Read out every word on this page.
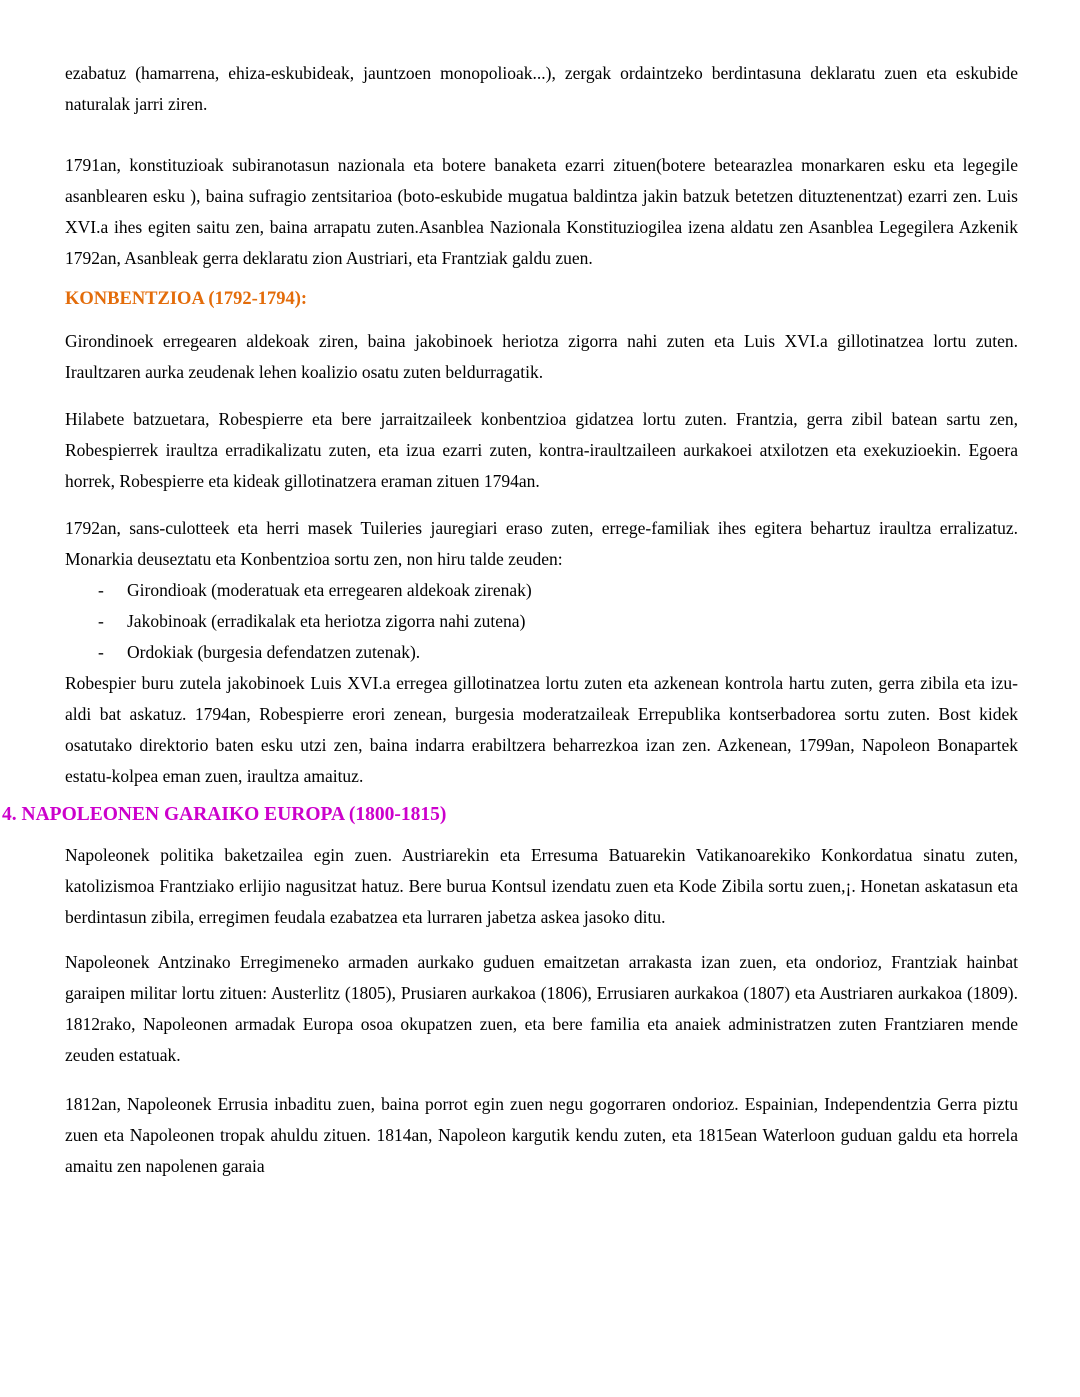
ezabatuz (hamarrena, ehiza-eskubideak, jauntzoen monopolioak...), zergak ordaintzeko berdintasuna deklaratu zuen eta eskubide naturalak jarri ziren.

1791an, konstituzioak subiranotasun nazionala eta botere banaketa ezarri zituen(botere betearazlea monarkaren esku eta legegile asanblearen esku ), baina sufragio zentsitarioa (boto-eskubide mugatua baldintza jakin batzuk betetzen dituztenentzat) ezarri zen. Luis XVI.a ihes egiten saitu zen, baina arrapatu zuten.Asanblea Nazionala Konstituziogilea izena aldatu zen Asanblea Legegilera Azkenik 1792an, Asanbleak gerra deklaratu zion Austriari, eta Frantziak galdu zuen.

KONBENTZIOA (1792-1794):

Girondinoek erregearen aldekoak ziren, baina jakobinoek heriotza zigorra nahi zuten eta Luis XVI.a gillotinatzea lortu zuten. Iraultzaren aurka zeudenak lehen koalizio osatu zuten beldurragatik.

Hilabete batzuetara, Robespierre eta bere jarraitzaileek konbentzioa gidatzea lortu zuten. Frantzia, gerra zibil batean sartu zen, Robespierrek iraultza erradikalizatu zuten, eta izua ezarri zuten, kontra-iraultzaileen aurkakoei atxilotzen eta exekuzioekin. Egoera horrek, Robespierre eta kideak gillotinatzera eraman zituen 1794an.

1792an, sans-culotteek eta herri masek Tuileries jauregiari eraso zuten, errege-familiak ihes egitera behartuz iraultza erralizatuz. Monarkia deuseztatu eta Konbentzioa sortu zen, non hiru talde zeuden:

-	Girondioak (moderatuak eta erregearen aldekoak zirenak)
-	Jakobinoak (erradikalak eta heriotza zigorra nahi zutena)
-	Ordokiak (burgesia defendatzen zutenak).

Robespier buru zutela jakobinoek Luis XVI.a erregea gillotinatzea lortu zuten eta azkenean kontrola hartu zuten, gerra zibila eta izu-aldi bat askatuz. 1794an, Robespierre erori zenean, burgesia moderatzaileak Errepublika kontserbadorea sortu zuten. Bost kidek osatutako direktorio baten esku utzi zen, baina indarra erabiltzera beharrezkoa izan zen. Azkenean, 1799an, Napoleon Bonapartek estatu-kolpea eman zuen, iraultza amaituz.

4. NAPOLEONEN GARAIKO EUROPA (1800-1815)

Napoleonek politika baketzailea egin zuen. Austriarekin eta Erresuma Batuarekin Vatikanoarekiko Konkordatua sinatu zuten, katolizismoa Frantziako erlijio nagusitzat hatuz. Bere burua Kontsul izendatu zuen eta Kode Zibila sortu zuen,¡. Honetan askatasun eta berdintasun zibila, erregimen feudala ezabatzea eta lurraren jabetza askea jasoko ditu.

Napoleonek Antzinako Erregimeneko armaden aurkako guduen emaitzetan arrakasta izan zuen, eta ondorioz, Frantziak hainbat garaipen militar lortu zituen: Austerlitz (1805), Prusiaren aurkakoa (1806), Errusiaren aurkakoa (1807) eta Austriaren aurkakoa (1809). 1812rako, Napoleonen armadak Europa osoa okupatzen zuen, eta bere familia eta anaiek administratzen zuten Frantziaren mende zeuden estatuak.

1812an, Napoleonek Errusia inbaditu zuen, baina porrot egin zuen negu gogorraren ondorioz. Espainian, Independentzia Gerra piztu zuen eta Napoleonen tropak ahuldu zituen. 1814an, Napoleon kargutik kendu zuten, eta 1815ean Waterloon guduan galdu eta horrela amaitu zen napolenen garaia
